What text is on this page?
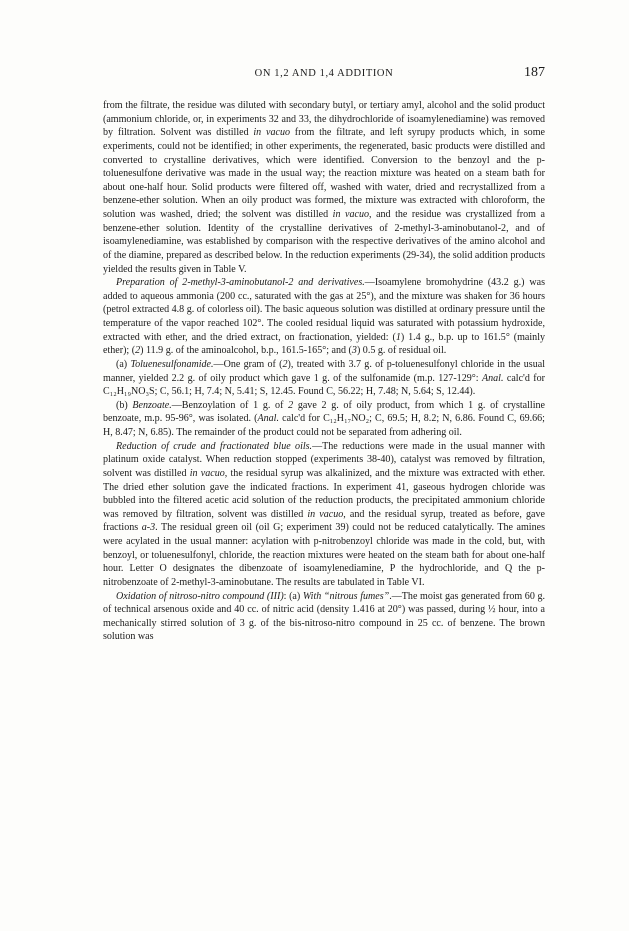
ON 1,2 AND 1,4 ADDITION	187

from the filtrate, the residue was diluted with secondary butyl, or tertiary amyl, alcohol and the solid product (ammonium chloride, or, in experiments 32 and 33, the dihydrochloride of isoamylenediamine) was removed by filtration. Solvent was distilled in vacuo from the filtrate, and left syrupy products which, in some experiments, could not be identified; in other experiments, the regenerated, basic products were distilled and converted to crystalline derivatives, which were identified. Conversion to the benzoyl and the p-toluenesulfone derivative was made in the usual way; the reaction mixture was heated on a steam bath for about one-half hour. Solid products were filtered off, washed with water, dried and recrystallized from a benzene-ether solution. When an oily product was formed, the mixture was extracted with chloroform, the solution was washed, dried; the solvent was distilled in vacuo, and the residue was crystallized from a benzene-ether solution. Identity of the crystalline derivatives of 2-methyl-3-aminobutanol-2, and of isoamylenediamine, was established by comparison with the respective derivatives of the amino alcohol and of the diamine, prepared as described below. In the reduction experiments (29-34), the solid addition products yielded the results given in Table V.

Preparation of 2-methyl-3-aminobutanol-2 and derivatives.—Isoamylene bromohydrine (43.2 g.) was added to aqueous ammonia (200 cc., saturated with the gas at 25°), and the mixture was shaken for 36 hours (petrol extracted 4.8 g. of colorless oil). The basic aqueous solution was distilled at ordinary pressure until the temperature of the vapor reached 102°. The cooled residual liquid was saturated with potassium hydroxide, extracted with ether, and the dried extract, on fractionation, yielded: (1) 1.4 g., b.p. up to 161.5° (mainly ether); (2) 11.9 g. of the aminoalcohol, b.p., 161.5-165°; and (3) 0.5 g. of residual oil.

(a) Toluenesulfonamide.—One gram of (2), treated with 3.7 g. of p-toluenesulfonyl chloride in the usual manner, yielded 2.2 g. of oily product which gave 1 g. of the sulfonamide (m.p. 127-129°: Anal. calc'd for C₁₂H₁₉NO₃S; C, 56.1; H, 7.4; N, 5.41; S, 12.45. Found C, 56.22; H, 7.48; N, 5.64; S, 12.44).

(b) Benzoate.—Benzoylation of 1 g. of 2 gave 2 g. of oily product, from which 1 g. of crystalline benzoate, m.p. 95-96°, was isolated. (Anal. calc'd for C₁₂H₁₇NO₂; C, 69.5; H, 8.2; N, 6.86. Found C, 69.66; H, 8.47; N, 6.85). The remainder of the product could not be separated from adhering oil.

Reduction of crude and fractionated blue oils.—The reductions were made in the usual manner with platinum oxide catalyst. When reduction stopped (experiments 38-40), catalyst was removed by filtration, solvent was distilled in vacuo, the residual syrup was alkalinized, and the mixture was extracted with ether. The dried ether solution gave the indicated fractions. In experiment 41, gaseous hydrogen chloride was bubbled into the filtered acetic acid solution of the reduction products, the precipitated ammonium chloride was removed by filtration, solvent was distilled in vacuo, and the residual syrup, treated as before, gave fractions a-3. The residual green oil (oil G; experiment 39) could not be reduced catalytically. The amines were acylated in the usual manner: acylation with p-nitrobenzoyl chloride was made in the cold, but, with benzoyl, or toluenesulfonyl, chloride, the reaction mixtures were heated on the steam bath for about one-half hour. Letter O designates the dibenzoate of isoamylenediamine, P the hydrochloride, and Q the p-nitrobenzoate of 2-methyl-3-aminobutane. The results are tabulated in Table VI.

Oxidation of nitroso-nitro compound (III): (a) With “nitrous fumes”.—The moist gas generated from 60 g. of technical arsenous oxide and 40 cc. of nitric acid (density 1.416 at 20°) was passed, during ½ hour, into a mechanically stirred solution of 3 g. of the bis-nitroso-nitro compound in 25 cc. of benzene. The brown solution was
